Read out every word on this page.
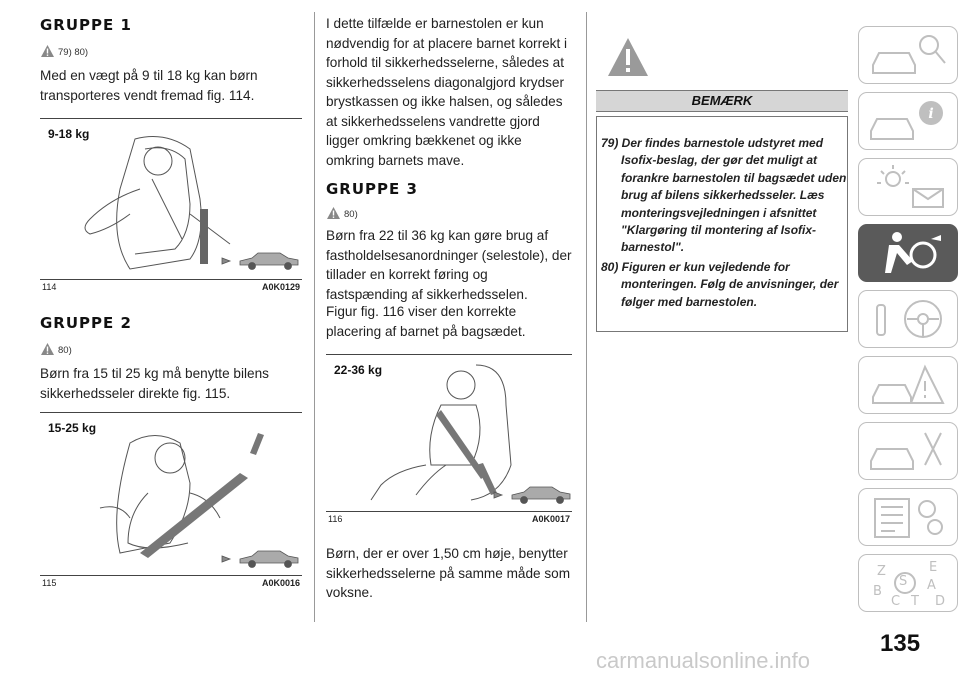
GRUPPE 1
79) 80)

Med en vægt på 9 til 18 kg kan børn transporteres vendt fremad fig. 114.

9-18 kg
114	A0K0129
GRUPPE 2
80)

Børn fra 15 til 25 kg må benytte bilens sikkerhedsseler direkte fig. 115.

15-25 kg
115	A0K0016

I dette tilfælde er barnestolen er kun nødvendig for at placere barnet korrekt i forhold til sikkerhedsselerne, således at sikkerhedsselens diagonalgjord krydser brystkassen og ikke halsen, og således at sikkerhedsselens vandrette gjord ligger omkring bækkenet og ikke omkring barnets mave.

GRUPPE 3
80)

Børn fra 22 til 36 kg kan gøre brug af fastholdelsesanordninger (selestole), der tillader en korrekt føring og fastspænding af sikkerhedsselen.

Figur fig. 116 viser den korrekte placering af barnet på bagsædet.

22-36 kg
116	A0K0017

Børn, der er over 1,50 cm høje, benytter sikkerhedsselerne på samme måde som voksne.

BEMÆRK

79) Der findes barnestole udstyret med Isofix-beslag, der gør det muligt at forankre barnestolen til bagsædet uden brug af bilens sikkerhedsseler. Læs monteringsvejledningen i afsnittet "Klargøring til montering af Isofix-barnestol".

80) Figuren er kun vejledende for monteringen. Følg de anvisninger, der følger med barnestolen.

i
Z	E
B
S A
C T D
135
carmanualsonline.info
